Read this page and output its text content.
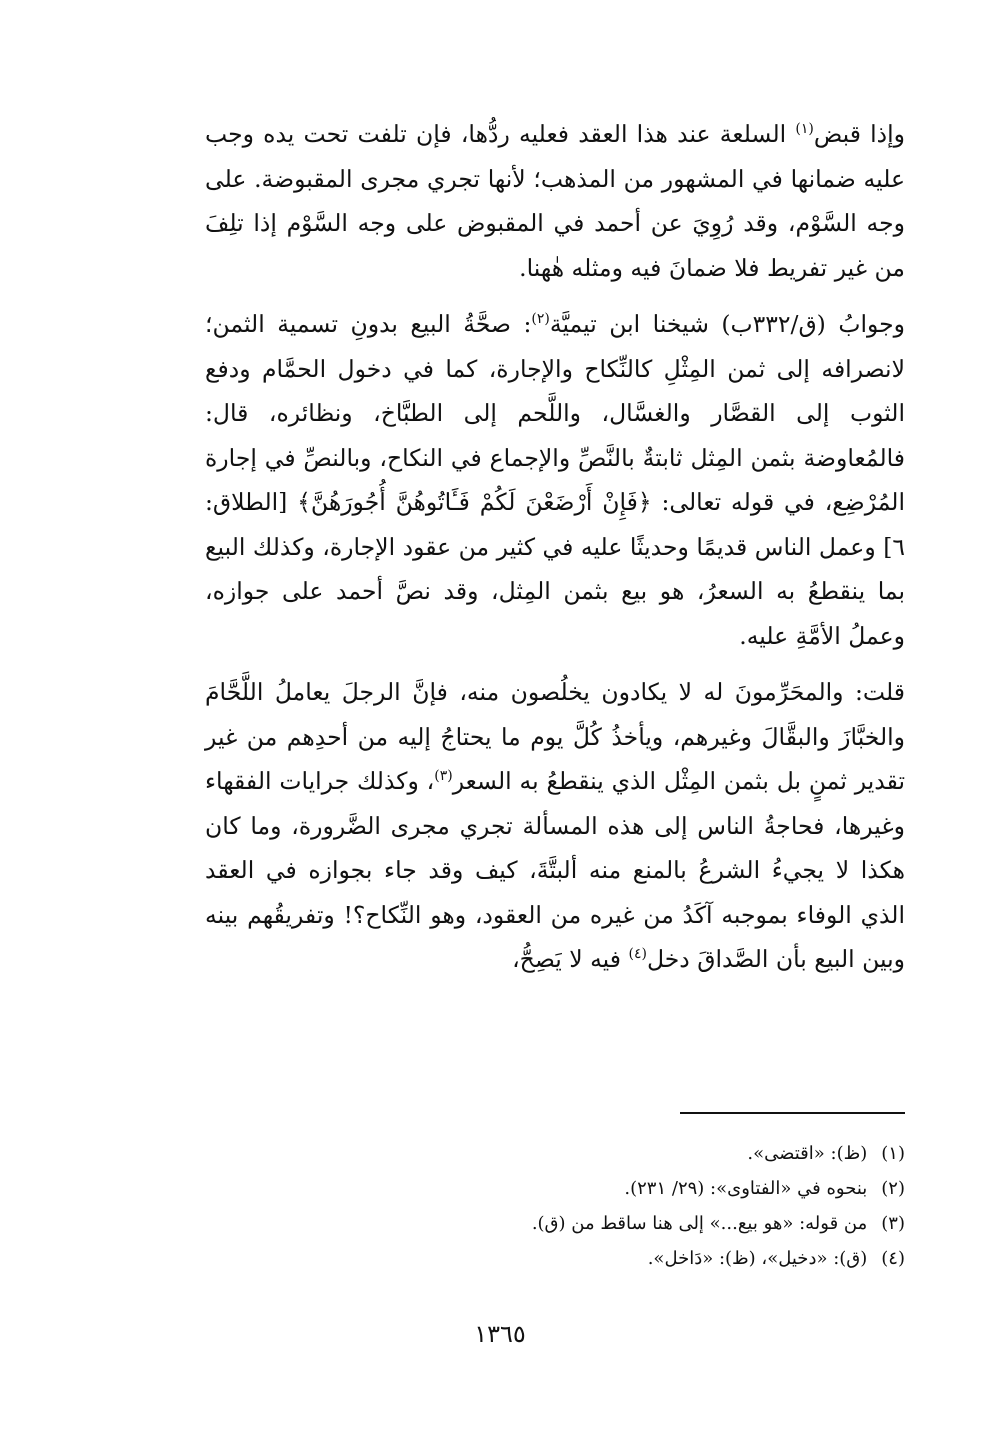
وإذا قبض$^{(١)}$ السلعة عند هذا العقد فعليه ردُّها، فإن تلفت تحت يده وجب عليه ضمانها في المشهور من المذهب؛ لأنها تجري مجرى المقبوضة. على وجه السَّوْم، وقد رُوِيَ عن أحمد في المقبوض على وجه السَّوْم إذا تلِفَ من غير تفريط فلا ضمانَ فيه ومثله هٰهنا.

وجوابُ (ق/٣٣٢ب) شيخنا ابن تيميَّة$^{(٢)}$: صحَّةُ البيع بدونِ تسمية الثمن؛ لانصرافه إلى ثمن المِثْلِ كالنِّكاح والإجارة، كما في دخول الحمَّام ودفع الثوب إلى القصَّار والغسَّال، واللَّحم إلى الطبَّاخ، ونظائره، قال: فالمُعاوضة بثمن المِثل ثابتةٌ بالنَّصِّ والإجماع في النكاح، وبالنصِّ في إجارة المُرْضِع، في قوله تعالى: ﴿فَإِنْ أَرْضَعْنَ لَكُمْ فَـَٔاتُوهُنَّ أُجُورَهُنَّ﴾ [الطلاق: ٦] وعمل الناس قديمًا وحديثًا عليه في كثير من عقود الإجارة، وكذلك البيع بما ينقطعُ به السعرُ، هو بيع بثمن المِثل، وقد نصَّ أحمد على جوازه، وعملُ الأمَّةِ عليه.

قلت: والمحَرِّمونَ له لا يكادون يخلُصون منه، فإنَّ الرجلَ يعاملُ اللَّحَّامَ والخبَّازَ والبقَّالَ وغيرهم، ويأخذُ كُلَّ يوم ما يحتاجُ إليه من أحدِهم من غير تقدير ثمنٍ بل بثمن المِثْل الذي ينقطعُ به السعر$^{(٣)}$، وكذلك جرايات الفقهاء وغيرها، فحاجةُ الناس إلى هذه المسألة تجري مجرى الضَّرورة، وما كان هكذا لا يجيءُ الشرعُ بالمنع منه ألبتَّةَ، كيف وقد جاء بجوازه في العقد الذي الوفاء بموجبه آكَدُ من غيره من العقود، وهو النِّكاح؟! وتفريقُهم بينه وبين البيع بأن الصَّداقَ دخل$^{(٤)}$ فيه لا يَصِحُّ،

(١)(ظ): «اقتضى».
(٢)بنحوه في «الفتاوى»: (٢٩/ ٢٣١).
(٣)من قوله: «هو بيع...» إلى هنا ساقط من (ق).
(٤)(ق): «دخيل»، (ظ): «دَاخل».
١٣٦٥
